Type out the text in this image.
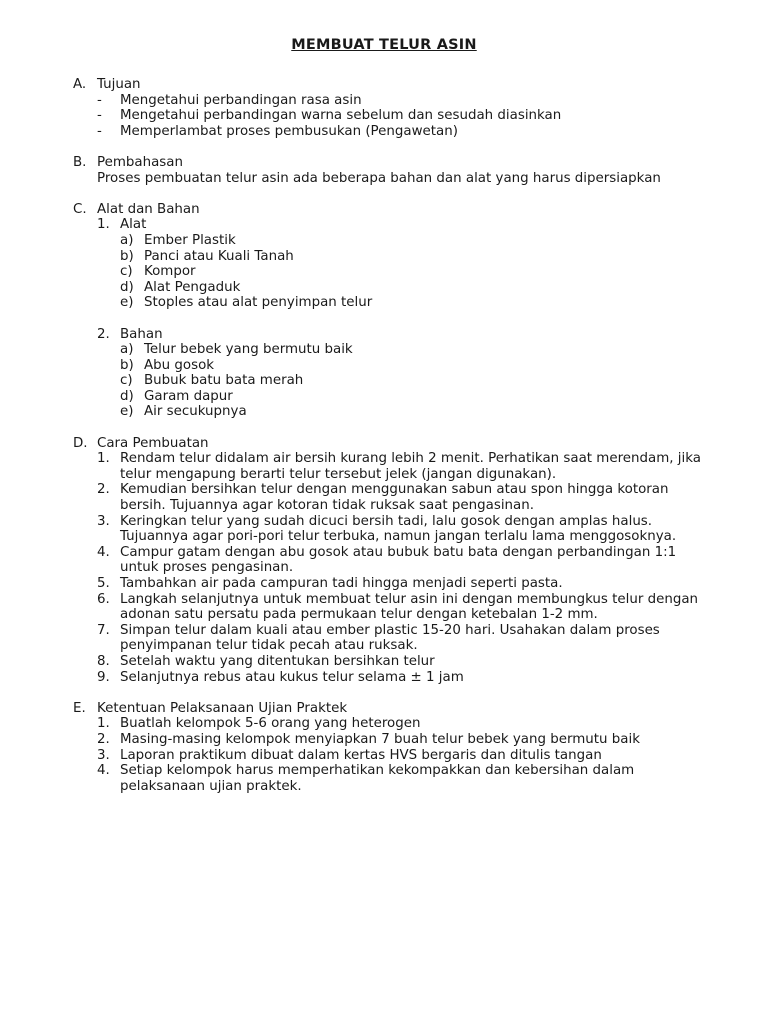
MEMBUAT TELUR ASIN
A. Tujuan
- Mengetahui perbandingan rasa asin
- Mengetahui perbandingan warna sebelum dan sesudah diasinkan
- Memperlambat proses pembusukan (Pengawetan)
B. Pembahasan
Proses pembuatan telur asin ada beberapa bahan dan alat yang harus dipersiapkan
C. Alat dan Bahan
1. Alat
a) Ember Plastik
b) Panci atau Kuali Tanah
c) Kompor
d) Alat Pengaduk
e) Stoples atau alat penyimpan telur
2. Bahan
a) Telur bebek yang bermutu baik
b) Abu gosok
c) Bubuk batu bata merah
d) Garam dapur
e) Air secukupnya
D. Cara Pembuatan
1. Rendam telur didalam air bersih kurang lebih 2 menit. Perhatikan saat merendam, jika telur mengapung berarti telur tersebut jelek (jangan digunakan).
2. Kemudian bersihkan telur dengan menggunakan sabun atau spon hingga kotoran bersih. Tujuannya agar kotoran tidak ruksak saat pengasinan.
3. Keringkan telur yang sudah dicuci bersih tadi, lalu gosok dengan amplas halus. Tujuannya agar pori-pori telur terbuka, namun jangan terlalu lama menggosoknya.
4. Campur gatam dengan abu gosok atau bubuk batu bata dengan perbandingan 1:1 untuk proses pengasinan.
5. Tambahkan air pada campuran tadi hingga menjadi seperti pasta.
6. Langkah selanjutnya untuk membuat telur asin ini dengan membungkus telur dengan adonan satu persatu pada permukaan telur dengan ketebalan 1-2 mm.
7. Simpan telur dalam kuali atau ember plastic 15-20 hari. Usahakan dalam proses penyimpanan telur tidak pecah atau ruksak.
8. Setelah waktu yang ditentukan bersihkan telur
9. Selanjutnya rebus atau kukus telur selama ± 1 jam
E. Ketentuan Pelaksanaan Ujian Praktek
1. Buatlah kelompok 5-6 orang yang heterogen
2. Masing-masing kelompok menyiapkan 7 buah telur bebek yang bermutu baik
3. Laporan praktikum dibuat dalam kertas HVS bergaris dan ditulis tangan
4. Setiap kelompok harus memperhatikan kekompakkan dan kebersihan dalam pelaksanaan ujian praktek.
